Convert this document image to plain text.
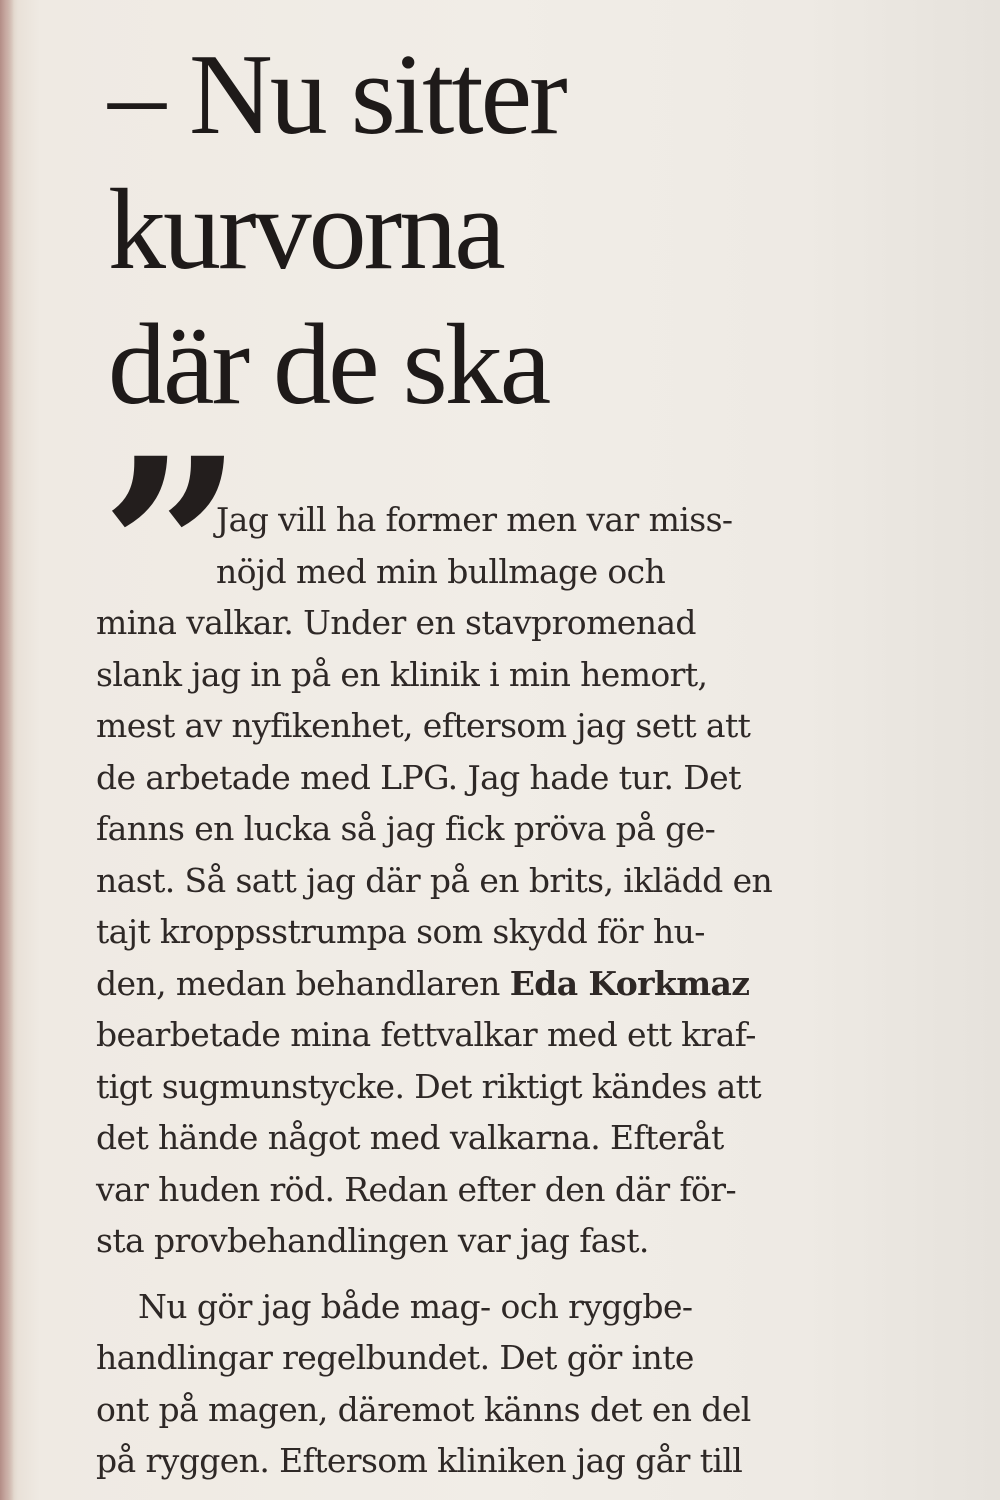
– Nu sitter
kurvorna
där de ska
” Jag vill ha former men var miss-
nöjd med min bullmage och
mina valkar. Under en stavpromenad
slank jag in på en klinik i min hemort,
mest av nyfikenhet, eftersom jag sett att
de arbetade med LPG. Jag hade tur. Det
fanns en lucka så jag fick pröva på ge-
nast. Så satt jag där på en brits, iklädd en
tajt kroppsstrumpa som skydd för hu-
den, medan behandlaren Eda Korkmaz
bearbetade mina fettvalkar med ett kraf-
tigt sugmunstycke. Det riktigt kändes att
det hände något med valkarna. Efteråt
var huden röd. Redan efter den där för-
sta provbehandlingen var jag fast.
Nu gör jag både mag- och ryggbe-
handlingar regelbundet. Det gör inte
ont på magen, däremot känns det en del
på ryggen. Eftersom kliniken jag går till
